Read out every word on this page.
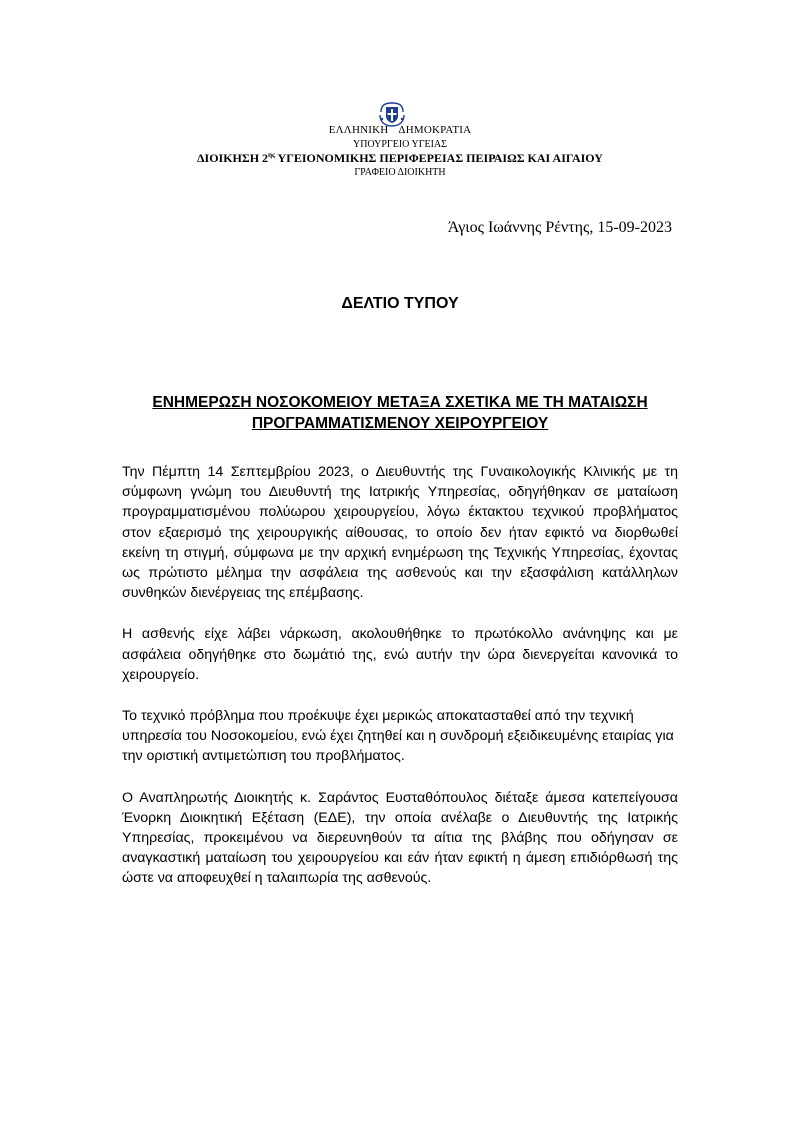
ΕΛΛΗΝΙΚΗ ΔΗΜΟΚΡΑΤΙΑ
ΥΠΟΥΡΓΕΙΟ ΥΓΕΙΑΣ
ΔΙΟΙΚΗΣΗ $2^{\eta\varsigma}$ ΥΓΕΙΟΝΟΜΙΚΗΣ ΠΕΡΙΦΕΡΕΙΑΣ ΠΕΙΡΑΙΩΣ ΚΑΙ ΑΙΓΑΙΟΥ
ΓΡΑΦΕΙΟ ΔΙΟΙΚΗΤΗ
Άγιος Ιωάννης Ρέντης, 15-09-2023
ΔΕΛΤΙΟ ΤΥΠΟΥ
ΕΝΗΜΕΡΩΣΗ ΝΟΣΟΚΟΜΕΙΟΥ ΜΕΤΑΞΑ ΣΧΕΤΙΚΑ ΜΕ ΤΗ ΜΑΤΑΙΩΣΗ
ΠΡΟΓΡΑΜΜΑΤΙΣΜΕΝΟΥ ΧΕΙΡΟΥΡΓΕΙΟΥ

Την Πέμπτη 14 Σεπτεμβρίου 2023, ο Διευθυντής της Γυναικολογικής Κλινικής με τη σύμφωνη γνώμη του Διευθυντή της Ιατρικής Υπηρεσίας, οδηγήθηκαν σε ματαίωση προγραμματισμένου πολύωρου χειρουργείου, λόγω έκτακτου τεχνικού προβλήματος στον εξαερισμό της χειρουργικής αίθουσας, το οποίο δεν ήταν εφικτό να διορθωθεί εκείνη τη στιγμή, σύμφωνα με την αρχική ενημέρωση της Τεχνικής Υπηρεσίας, έχοντας ως πρώτιστο μέλημα την ασφάλεια της ασθενούς και την εξασφάλιση κατάλληλων συνθηκών διενέργειας της επέμβασης.

Η ασθενής είχε λάβει νάρκωση, ακολουθήθηκε το πρωτόκολλο ανάνηψης και με ασφάλεια οδηγήθηκε στο δωμάτιό της, ενώ αυτήν την ώρα διενεργείται κανονικά το χειρουργείο.

Το τεχνικό πρόβλημα που προέκυψε έχει μερικώς αποκατασταθεί από την τεχνική υπηρεσία του Νοσοκομείου, ενώ έχει ζητηθεί και η συνδρομή εξειδικευμένης εταιρίας για την οριστική αντιμετώπιση του προβλήματος.

Ο Αναπληρωτής Διοικητής κ. Σαράντος Ευσταθόπουλος διέταξε άμεσα κατεπείγουσα Ένορκη Διοικητική Εξέταση (ΕΔΕ), την οποία ανέλαβε ο Διευθυντής της Ιατρικής Υπηρεσίας, προκειμένου να διερευνηθούν τα αίτια της βλάβης που οδήγησαν σε αναγκαστική ματαίωση του χειρουργείου και εάν ήταν εφικτή η άμεση επιδιόρθωσή της ώστε να αποφευχθεί η ταλαιπωρία της ασθενούς.
